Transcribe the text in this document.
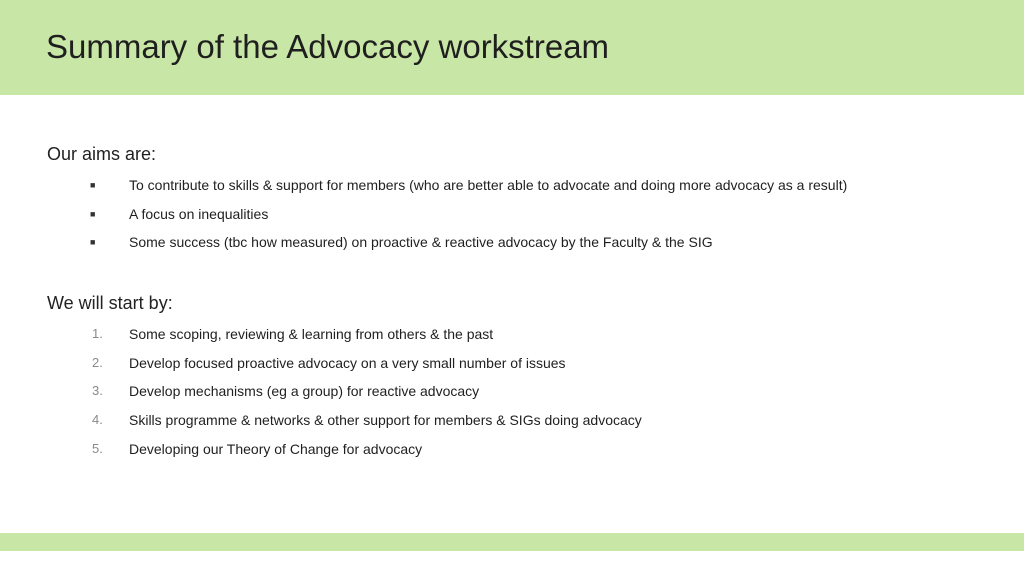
Summary of the Advocacy workstream
Our aims are:
■	To contribute to skills & support for members (who are better able to advocate and doing more advocacy as a result)
■	A focus on inequalities
■	Some success (tbc how measured) on proactive & reactive advocacy by the Faculty & the SIG
We will start by:
1.	Some scoping, reviewing & learning from others & the past
2.	Develop focused proactive advocacy on a very small number of issues
3.	Develop mechanisms (eg a group) for reactive advocacy
4.	Skills programme & networks & other support for members & SIGs doing advocacy
5.	Developing our Theory of Change for advocacy
